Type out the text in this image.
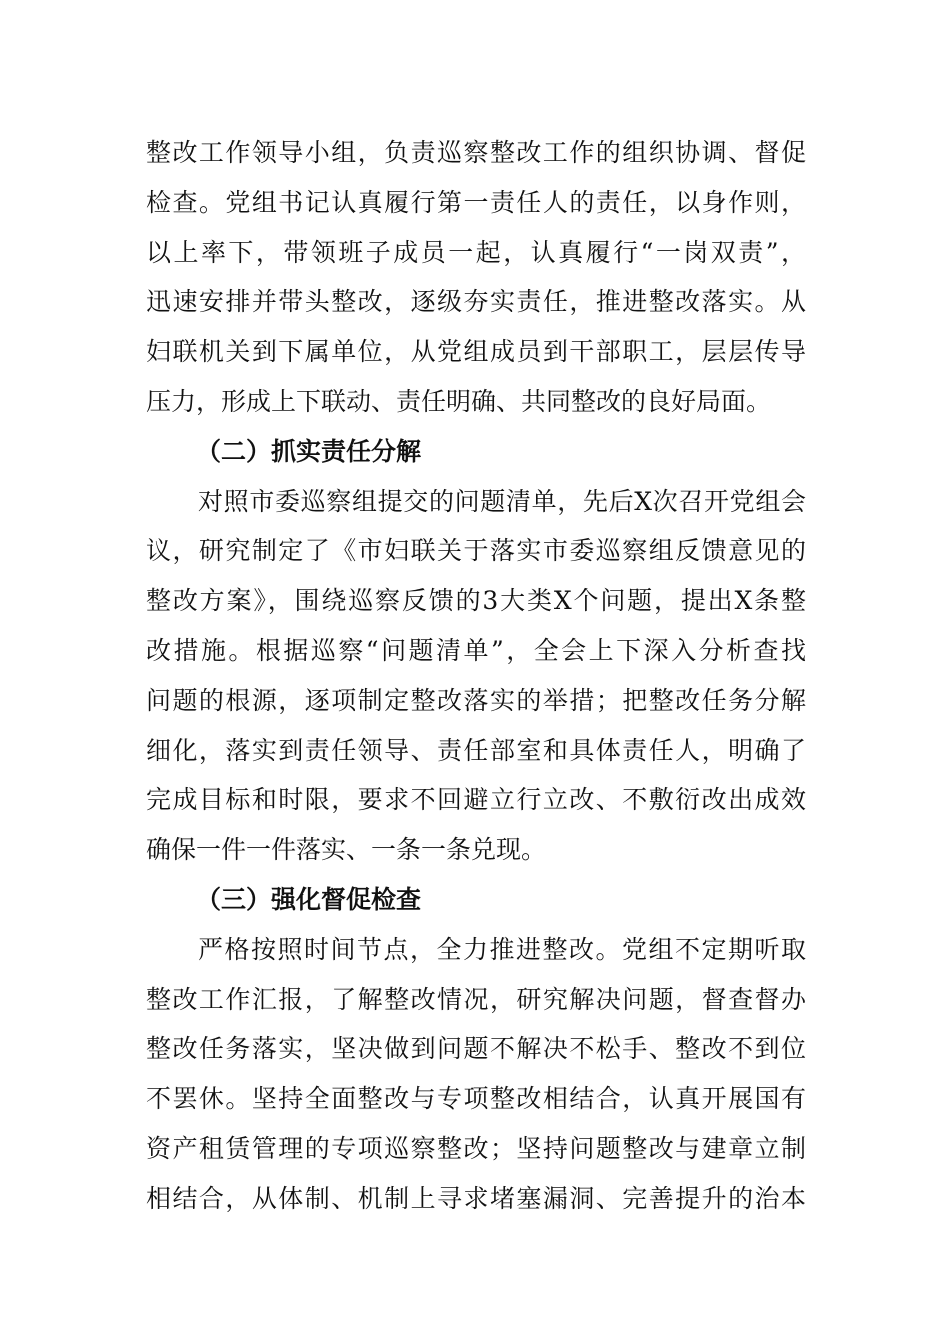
整改工作领导小组，负责巡察整改工作的组织协调、督促
检查。党组书记认真履行第一责任人的责任，以身作则，
以上率下，带领班子成员一起，认真履行“一岗双责”，
迅速安排并带头整改，逐级夯实责任，推进整改落实。从
妇联机关到下属单位，从党组成员到干部职工，层层传导
压力，形成上下联动、责任明确、共同整改的良好局面。
（二）抓实责任分解
对照市委巡察组提交的问题清单，先后X次召开党组会
议，研究制定了《市妇联关于落实市委巡察组反馈意见的
整改方案》，围绕巡察反馈的3大类X个问题，提出X条整
改措施。根据巡察“问题清单”，全会上下深入分析查找
问题的根源，逐项制定整改落实的举措；把整改任务分解
细化，落实到责任领导、责任部室和具体责任人，明确了
完成目标和时限，要求不回避立行立改、不敷衍改出成效
确保一件一件落实、一条一条兑现。
（三）强化督促检查
严格按照时间节点，全力推进整改。党组不定期听取
整改工作汇报，了解整改情况，研究解决问题，督查督办
整改任务落实，坚决做到问题不解决不松手、整改不到位
不罢休。坚持全面整改与专项整改相结合，认真开展国有
资产租赁管理的专项巡察整改；坚持问题整改与建章立制
相结合，从体制、机制上寻求堵塞漏洞、完善提升的治本
